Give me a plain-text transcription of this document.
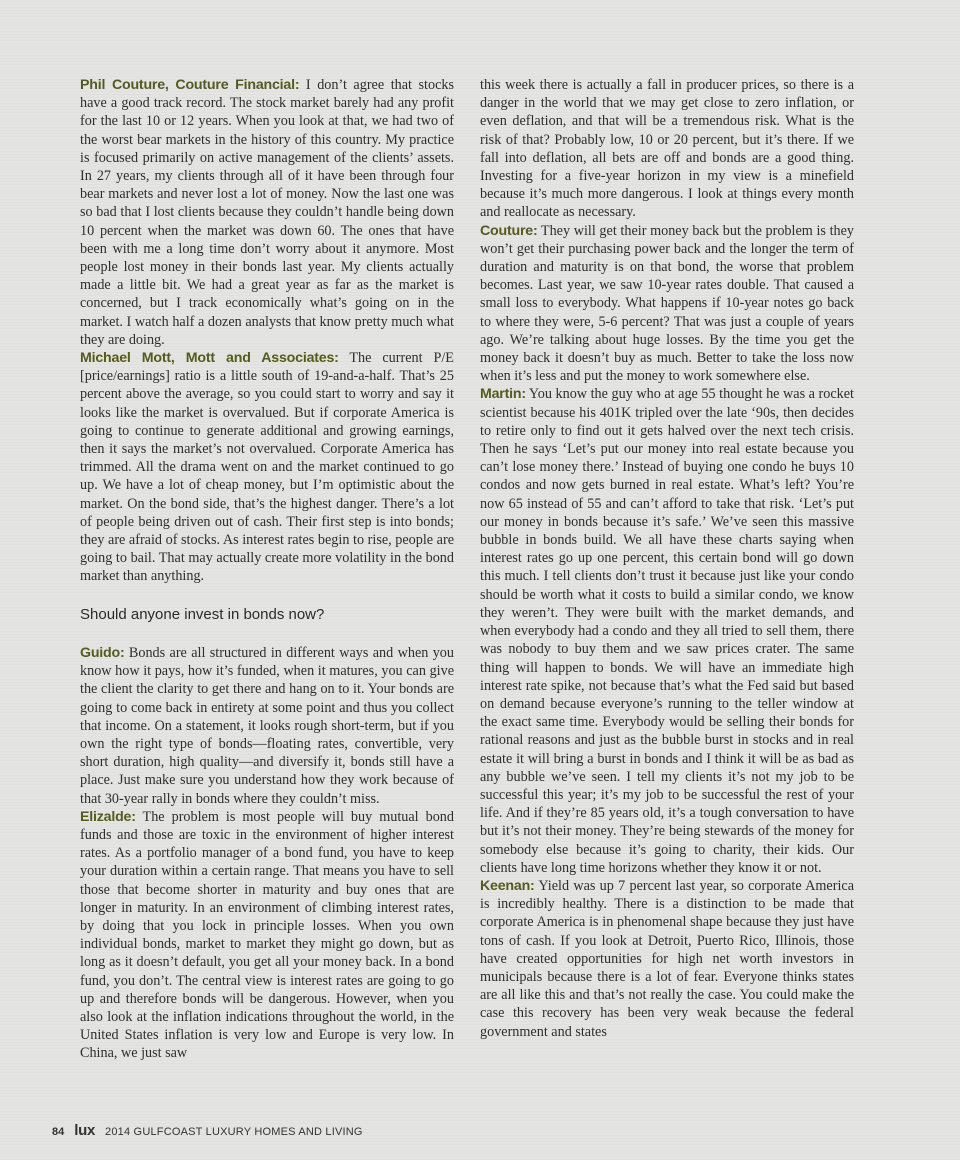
Phil Couture, Couture Financial: I don’t agree that stocks have a good track record. The stock market barely had any profit for the last 10 or 12 years. When you look at that, we had two of the worst bear markets in the history of this country. My practice is focused primarily on active management of the clients’ assets. In 27 years, my clients through all of it have been through four bear markets and never lost a lot of money. Now the last one was so bad that I lost clients because they couldn’t handle being down 10 percent when the market was down 60. The ones that have been with me a long time don’t worry about it anymore. Most people lost money in their bonds last year. My clients actually made a little bit. We had a great year as far as the market is concerned, but I track economically what’s going on in the market. I watch half a dozen analysts that know pretty much what they are doing.

Michael Mott, Mott and Associates: The current P/E [price/earnings] ratio is a little south of 19-and-a-half. That’s 25 percent above the average, so you could start to worry and say it looks like the market is overvalued. But if corporate America is going to continue to generate additional and growing earnings, then it says the market’s not overvalued. Corporate America has trimmed. All the drama went on and the market continued to go up. We have a lot of cheap money, but I’m optimistic about the market. On the bond side, that’s the highest danger. There’s a lot of people being driven out of cash. Their first step is into bonds; they are afraid of stocks. As interest rates begin to rise, people are going to bail. That may actually create more volatility in the bond market than anything.

Should anyone invest in bonds now?

Guido: Bonds are all structured in different ways and when you know how it pays, how it’s funded, when it matures, you can give the client the clarity to get there and hang on to it. Your bonds are going to come back in entirety at some point and thus you collect that income. On a statement, it looks rough short-term, but if you own the right type of bonds—floating rates, convertible, very short duration, high quality—and diversify it, bonds still have a place. Just make sure you understand how they work because of that 30-year rally in bonds where they couldn’t miss.

Elizalde: The problem is most people will buy mutual bond funds and those are toxic in the environment of higher interest rates. As a portfolio manager of a bond fund, you have to keep your duration within a certain range. That means you have to sell those that become shorter in maturity and buy ones that are longer in maturity. In an environment of climbing interest rates, by doing that you lock in principle losses. When you own individual bonds, market to market they might go down, but as long as it doesn’t default, you get all your money back. In a bond fund, you don’t. The central view is interest rates are going to go up and therefore bonds will be dangerous. However, when you also look at the inflation indications throughout the world, in the United States inflation is very low and Europe is very low. In China, we just saw

this week there is actually a fall in producer prices, so there is a danger in the world that we may get close to zero inflation, or even deflation, and that will be a tremendous risk. What is the risk of that? Probably low, 10 or 20 percent, but it’s there. If we fall into deflation, all bets are off and bonds are a good thing. Investing for a five-year horizon in my view is a minefield because it’s much more dangerous. I look at things every month and reallocate as necessary.

Couture: They will get their money back but the problem is they won’t get their purchasing power back and the longer the term of duration and maturity is on that bond, the worse that problem becomes. Last year, we saw 10-year rates double. That caused a small loss to everybody. What happens if 10-year notes go back to where they were, 5-6 percent? That was just a couple of years ago. We’re talking about huge losses. By the time you get the money back it doesn’t buy as much. Better to take the loss now when it’s less and put the money to work somewhere else.

Martin: You know the guy who at age 55 thought he was a rocket scientist because his 401K tripled over the late ‘90s, then decides to retire only to find out it gets halved over the next tech crisis. Then he says ‘Let’s put our money into real estate because you can’t lose money there.’ Instead of buying one condo he buys 10 condos and now gets burned in real estate. What’s left? You’re now 65 instead of 55 and can’t afford to take that risk. ‘Let’s put our money in bonds because it’s safe.’ We’ve seen this massive bubble in bonds build. We all have these charts saying when interest rates go up one percent, this certain bond will go down this much. I tell clients don’t trust it because just like your condo should be worth what it costs to build a similar condo, we know they weren’t. They were built with the market demands, and when everybody had a condo and they all tried to sell them, there was nobody to buy them and we saw prices crater. The same thing will happen to bonds. We will have an immediate high interest rate spike, not because that’s what the Fed said but based on demand because everyone’s running to the teller window at the exact same time. Everybody would be selling their bonds for rational reasons and just as the bubble burst in stocks and in real estate it will bring a burst in bonds and I think it will be as bad as any bubble we’ve seen. I tell my clients it’s not my job to be successful this year; it’s my job to be successful the rest of your life. And if they’re 85 years old, it’s a tough conversation to have but it’s not their money. They’re being stewards of the money for somebody else because it’s going to charity, their kids. Our clients have long time horizons whether they know it or not.

Keenan: Yield was up 7 percent last year, so corporate America is incredibly healthy. There is a distinction to be made that corporate America is in phenomenal shape because they just have tons of cash. If you look at Detroit, Puerto Rico, Illinois, those have created opportunities for high net worth investors in municipals because there is a lot of fear. Everyone thinks states are all like this and that’s not really the case. You could make the case this recovery has been very weak because the federal government and states

84 lux 2014 GULFCOAST LUXURY HOMES AND LIVING
